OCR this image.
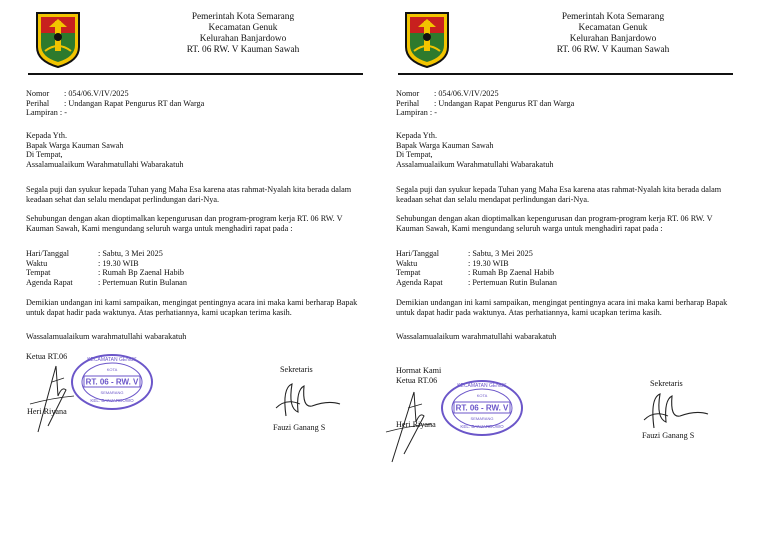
Pemerintah Kota Semarang
Kecamatan Genuk
Kelurahan Banjardowo
RT. 06 RW. V Kauman Sawah
Nomor : 054/06.V/IV/2025
Perihal : Undangan Rapat Pengurus RT dan Warga
Lampiran : -
Kepada Yth.
Bapak Warga Kauman Sawah
Di Tempat,
Assalamualaikum Warahmatullahi Wabarakatuh
Segala puji dan syukur kepada Tuhan yang Maha Esa karena atas rahmat-Nyalah kita berada dalam keadaan sehat dan selalu mendapat perlindungan dari-Nya.
Sehubungan dengan akan dioptimalkan kepengurusan dan program-program kerja RT. 06 RW. V Kauman Sawah, Kami mengundang seluruh warga untuk menghadiri rapat pada :
Hari/Tanggal	: Sabtu, 3 Mei 2025
Waktu	: 19.30 WIB
Tempat	: Rumah Bp Zaenal Habib
Agenda Rapat	: Pertemuan Rutin Bulanan
Demikian undangan ini kami sampaikan, mengingat pentingnya acara ini maka kami berharap Bapak untuk dapat hadir pada waktunya. Atas perhatiannya, kami ucapkan terima kasih.
Wassalamualaikum warahmatullahi wabarakatuh
Ketua RT.06
RT. 06 - RW. V
KECAMATAN GENUK
KOTA
SEMARANG
KEL. BANJARDOWO
Heri Riyana
Sekretaris
Fauzi Ganang S
Pemerintah Kota Semarang
Kecamatan Genuk
Kelurahan Banjardowo
RT. 06 RW. V Kauman Sawah
Nomor : 054/06.V/IV/2025
Perihal : Undangan Rapat Pengurus RT dan Warga
Lampiran : -
Kepada Yth.
Bapak Warga Kauman Sawah
Di Tempat,
Assalamualaikum Warahmatullahi Wabarakatuh
Segala puji dan syukur kepada Tuhan yang Maha Esa karena atas rahmat-Nyalah kita berada dalam keadaan sehat dan selalu mendapat perlindungan dari-Nya.
Sehubungan dengan akan dioptimalkan kepengurusan dan program-program kerja RT. 06 RW. V Kauman Sawah, Kami mengundang seluruh warga untuk menghadiri rapat pada :
Hari/Tanggal	: Sabtu, 3 Mei 2025
Waktu	: 19.30 WIB
Tempat	: Rumah Bp Zaenal Habib
Agenda Rapat	: Pertemuan Rutin Bulanan
Demikian undangan ini kami sampaikan, mengingat pentingnya acara ini maka kami berharap Bapak untuk dapat hadir pada waktunya. Atas perhatiannya, kami ucapkan terima kasih.
Wassalamualaikum warahmatullahi wabarakatuh
Hormat Kami
Ketua RT.06
RT. 06 - RW. V
KECAMATAN GENUK
KOTA
SEMARANG
KEL. BANJARDOWO
Heri Riyana
Sekretaris
Fauzi Ganang S
